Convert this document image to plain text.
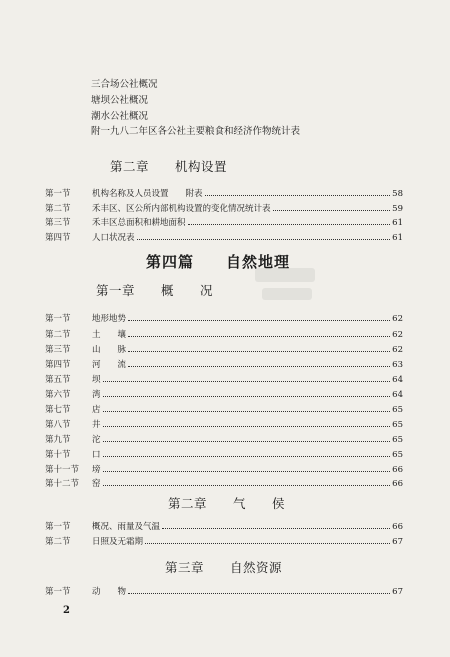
三合场公社概况
塘坝公社概况
潮水公社概况
附一九八二年区各公社主要粮食和经济作物统计表
第二章　　机构设置
第一节	机构名称及人员设置　　附表	58
第二节	禾丰区、区公所内部机构设置的变化情况统计表	59
第三节	禾丰区总面积和耕地面积	61
第四节	人口状况表	61
第四篇　　自然地理
第一章　　概　　况
第一节	地形地势	62
第二节	土　　壤	62
第三节	山　　脉	62
第四节	河　　流	63
第五节	坝	64
第六节	湾	64
第七节	店	65
第八节	井	65
第九节	沱	65
第十节	口	65
第十一节	塝	66
第十二节	窑	66
第二章　　气　　侯
第一节	概况、雨量及气温	66
第二节	日照及无霜期	67
第三章　　自然资源
第一节	动　　物	67
2
